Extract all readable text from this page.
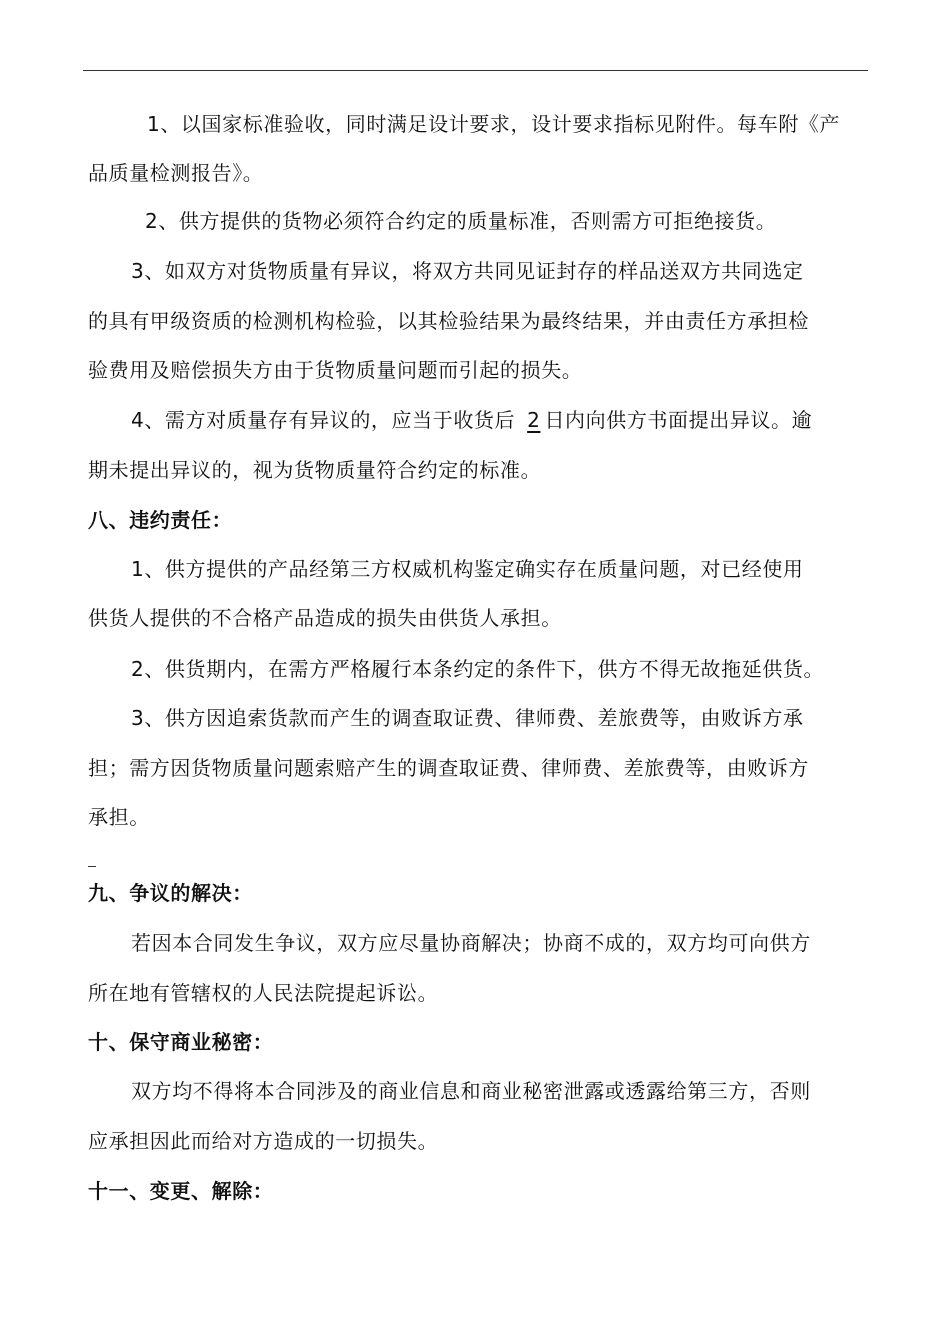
1、以国家标准验收，同时满足设计要求，设计要求指标见附件。每车附《产
品质量检测报告》。
2、供方提供的货物必须符合约定的质量标准，否则需方可拒绝接货。
3、如双方对货物质量有异议，将双方共同见证封存的样品送双方共同选定
的具有甲级资质的检测机构检验，以其检验结果为最终结果，并由责任方承担检
验费用及赔偿损失方由于货物质量问题而引起的损失。
4、需方对质量存有异议的，应当于收货后 2 日内向供方书面提出异议。逾
期未提出异议的，视为货物质量符合约定的标准。
八、违约责任：
1、供方提供的产品经第三方权威机构鉴定确实存在质量问题，对已经使用
供货人提供的不合格产品造成的损失由供货人承担。
2、供货期内，在需方严格履行本条约定的条件下，供方不得无故拖延供货。
3、供方因追索货款而产生的调查取证费、律师费、差旅费等，由败诉方承
担；需方因货物质量问题索赔产生的调查取证费、律师费、差旅费等，由败诉方
承担。
九、争议的解决：
若因本合同发生争议，双方应尽量协商解决；协商不成的，双方均可向供方
所在地有管辖权的人民法院提起诉讼。
十、保守商业秘密：
双方均不得将本合同涉及的商业信息和商业秘密泄露或透露给第三方，否则
应承担因此而给对方造成的一切损失。
十一、变更、解除：
